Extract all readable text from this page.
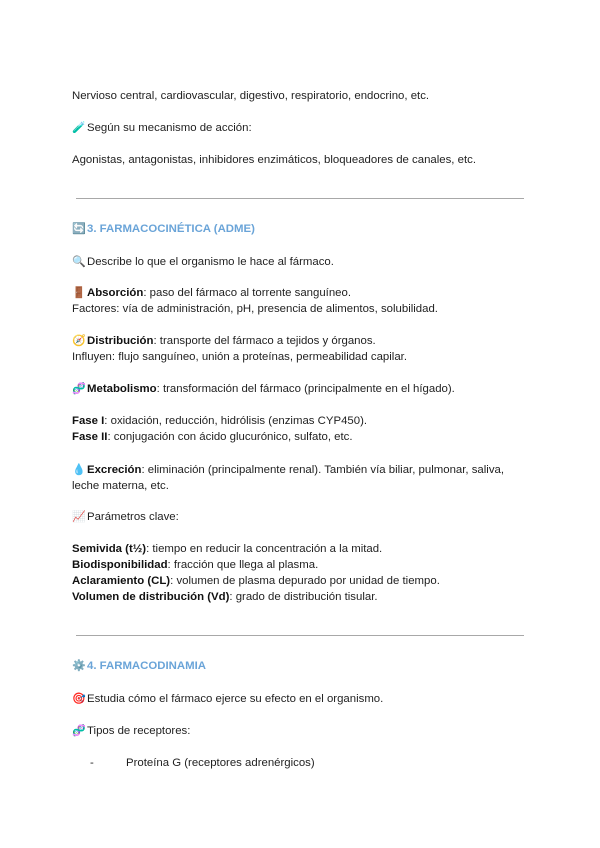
Nervioso central, cardiovascular, digestivo, respiratorio, endocrino, etc.
🧪Según su mecanismo de acción:
Agonistas, antagonistas, inhibidores enzimáticos, bloqueadores de canales, etc.
🔄3. FARMACOCINÉTICA (ADME)
🔍Describe lo que el organismo le hace al fármaco.
🚪Absorción: paso del fármaco al torrente sanguíneo.
Factores: vía de administración, pH, presencia de alimentos, solubilidad.
🧭Distribución: transporte del fármaco a tejidos y órganos.
Influyen: flujo sanguíneo, unión a proteínas, permeabilidad capilar.
🧬Metabolismo: transformación del fármaco (principalmente en el hígado).
Fase I: oxidación, reducción, hidrólisis (enzimas CYP450).
Fase II: conjugación con ácido glucurónico, sulfato, etc.
💧Excreción: eliminación (principalmente renal). También vía biliar, pulmonar, saliva, leche materna, etc.
📈Parámetros clave:
Semivida (t½): tiempo en reducir la concentración a la mitad.
Biodisponibilidad: fracción que llega al plasma.
Aclaramiento (CL): volumen de plasma depurado por unidad de tiempo.
Volumen de distribución (Vd): grado de distribución tisular.
⚙️4. FARMACODINAMIA
🎯Estudia cómo el fármaco ejerce su efecto en el organismo.
🧬Tipos de receptores:
-	Proteína G (receptores adrenérgicos)
